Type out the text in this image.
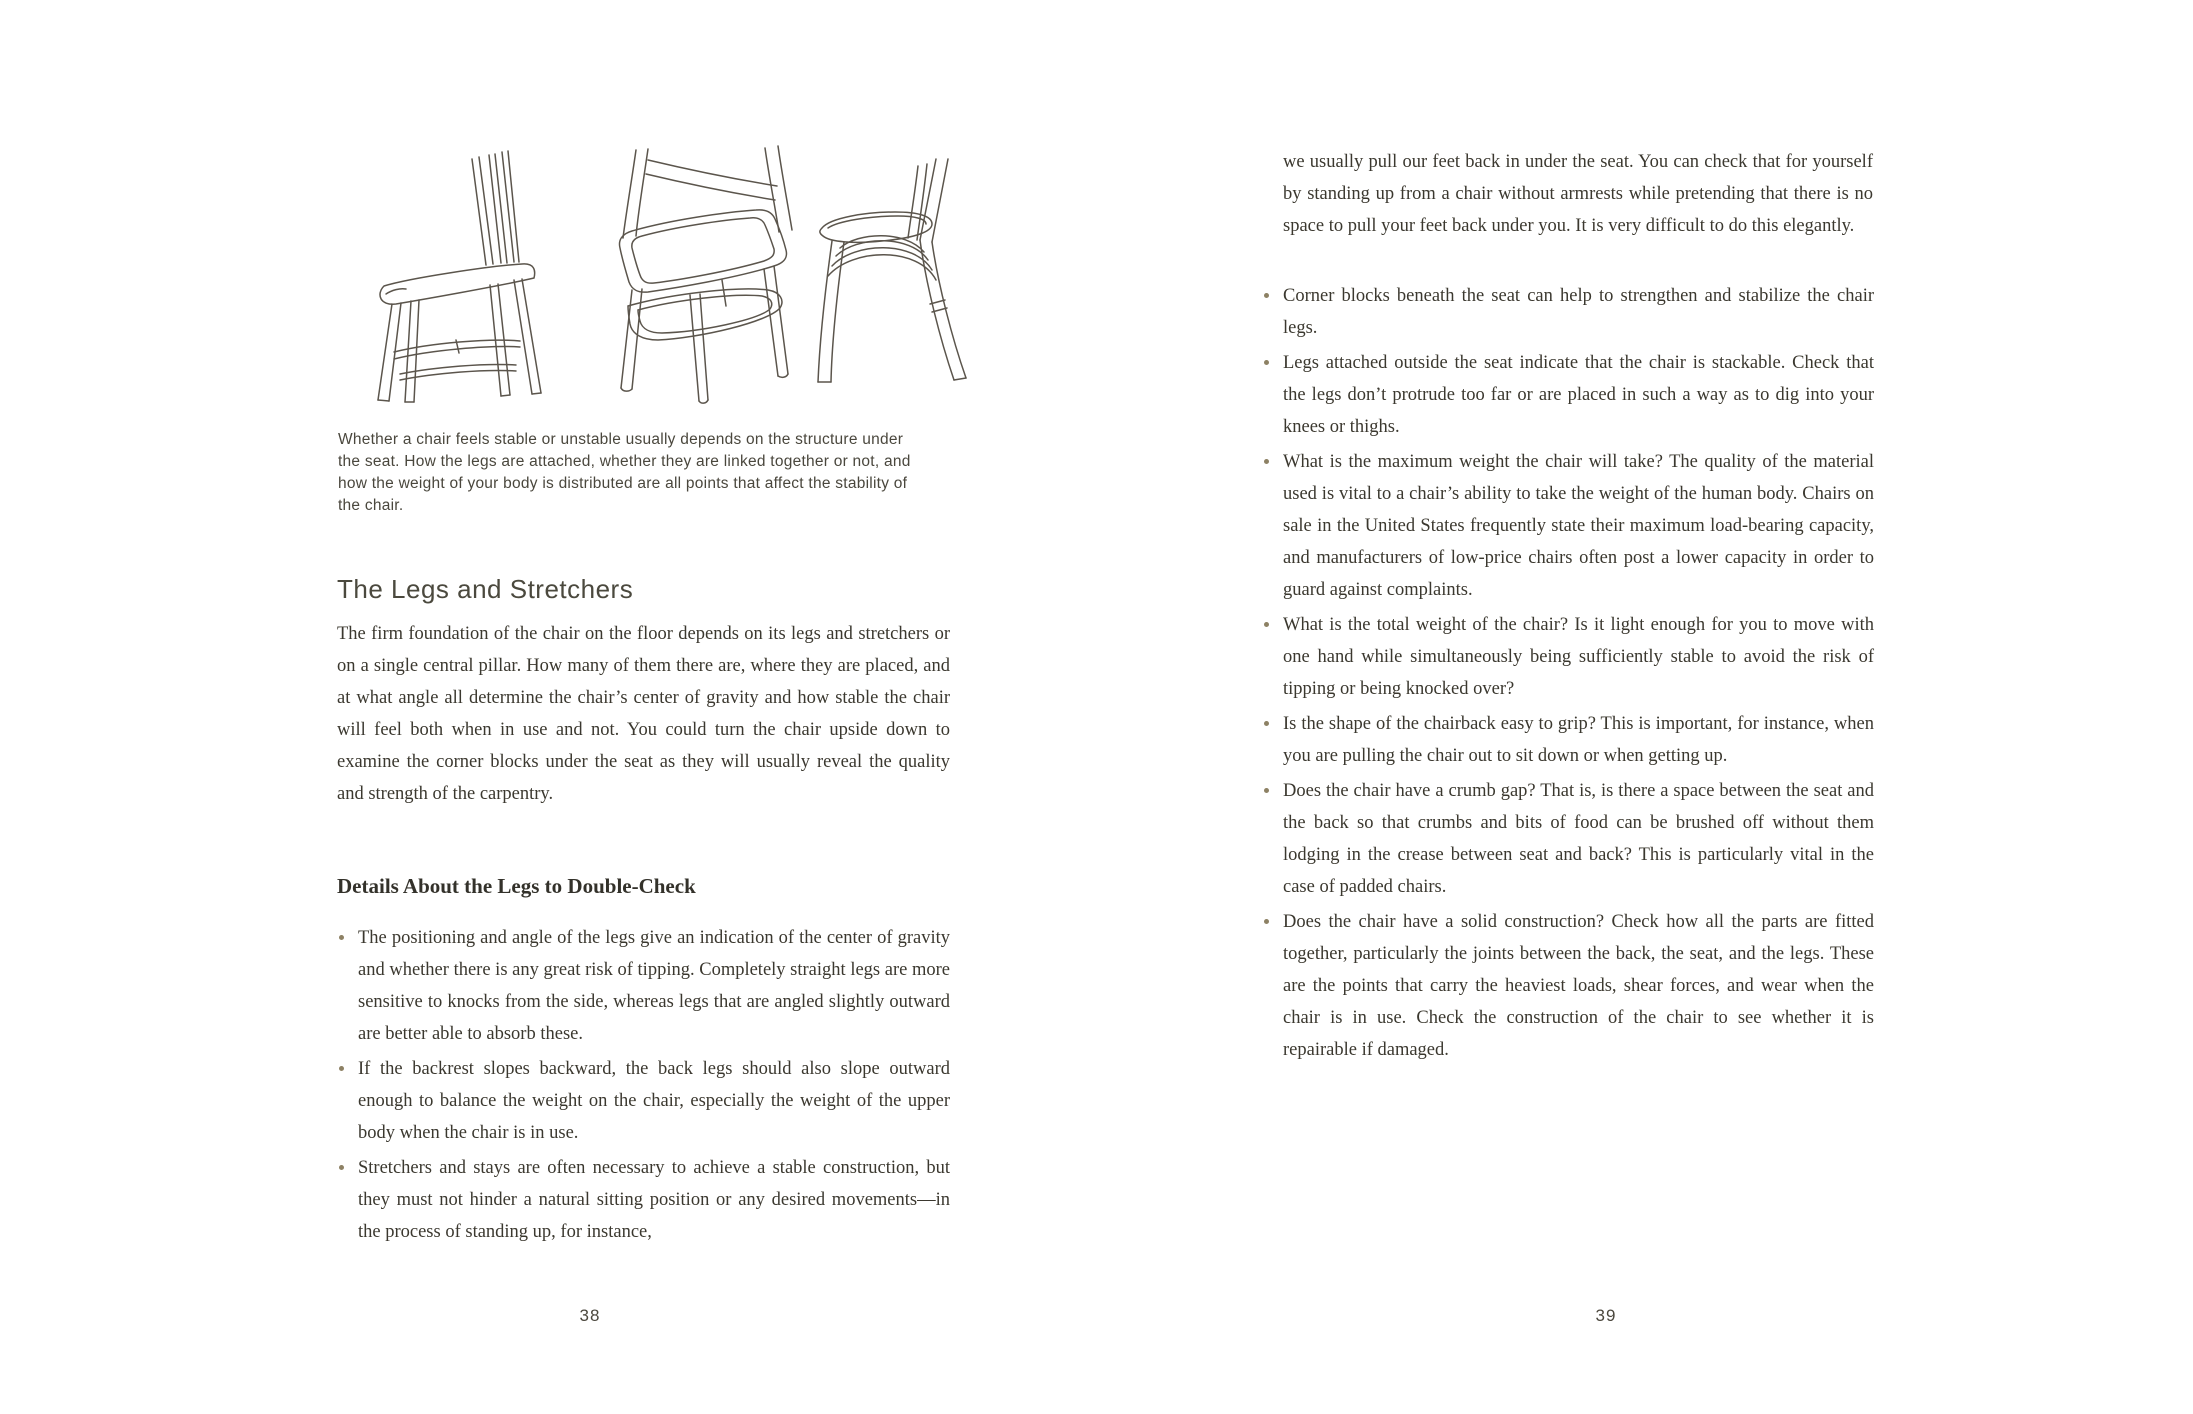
Whether a chair feels stable or unstable usually depends on the structure under the seat. How the legs are attached, whether they are linked together or not, and how the weight of your body is distributed are all points that affect the stability of the chair.

The Legs and Stretchers

The firm foundation of the chair on the floor depends on its legs and stretchers or on a single central pillar. How many of them there are, where they are placed, and at what angle all determine the chair’s center of gravity and how stable the chair will feel both when in use and not. You could turn the chair upside down to examine the corner blocks under the seat as they will usually reveal the quality and strength of the carpentry.

Details About the Legs to Double-Check
The positioning and angle of the legs give an indication of the center of gravity and whether there is any great risk of tipping. Completely straight legs are more sensitive to knocks from the side, whereas legs that are angled slightly outward are better able to absorb these.
If the backrest slopes backward, the back legs should also slope outward enough to balance the weight on the chair, especially the weight of the upper body when the chair is in use.
Stretchers and stays are often necessary to achieve a stable construction, but they must not hinder a natural sitting position or any desired movements—in the process of standing up, for instance,
38

we usually pull our feet back in under the seat. You can check that for yourself by standing up from a chair without armrests while pretending that there is no space to pull your feet back under you. It is very difficult to do this elegantly.

Corner blocks beneath the seat can help to strengthen and stabilize the chair legs.
Legs attached outside the seat indicate that the chair is stackable. Check that the legs don’t protrude too far or are placed in such a way as to dig into your knees or thighs.
What is the maximum weight the chair will take? The quality of the material used is vital to a chair’s ability to take the weight of the human body. Chairs on sale in the United States frequently state their maximum load-bearing capacity, and manufacturers of low-price chairs often post a lower capacity in order to guard against complaints.
What is the total weight of the chair? Is it light enough for you to move with one hand while simultaneously being sufficiently stable to avoid the risk of tipping or being knocked over?
Is the shape of the chairback easy to grip? This is important, for instance, when you are pulling the chair out to sit down or when getting up.
Does the chair have a crumb gap? That is, is there a space between the seat and the back so that crumbs and bits of food can be brushed off without them lodging in the crease between seat and back? This is particularly vital in the case of padded chairs.
Does the chair have a solid construction? Check how all the parts are fitted together, particularly the joints between the back, the seat, and the legs. These are the points that carry the heaviest loads, shear forces, and wear when the chair is in use. Check the construction of the chair to see whether it is repairable if damaged.
39
